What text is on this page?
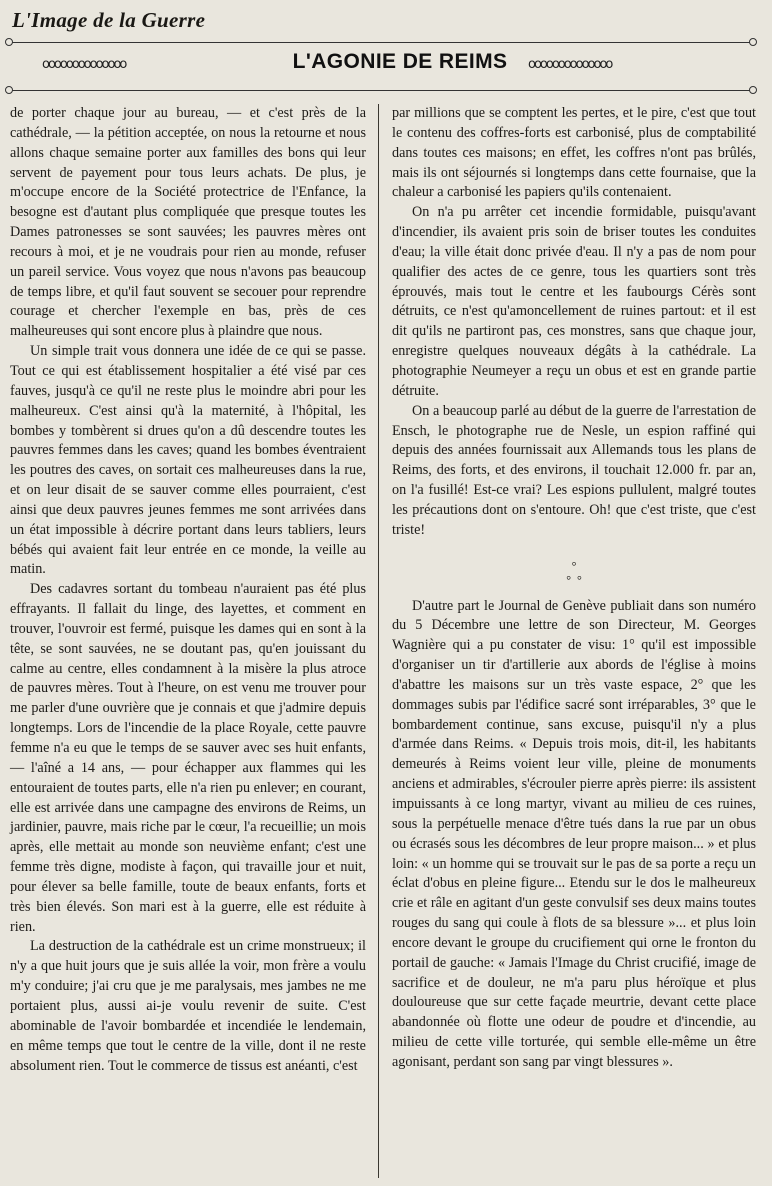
L'Image de la Guerre
oooooooooooooo	L'AGONIE DE REIMS	oooooooooooooo

de porter chaque jour au bureau, — et c'est près de la cathédrale, — la pétition acceptée, on nous la retourne et nous allons chaque semaine porter aux familles des bons qui leur servent de payement pour tous leurs achats. De plus, je m'occupe encore de la Société protectrice de l'Enfance, la besogne est d'autant plus compliquée que presque toutes les Dames patronesses se sont sauvées; les pauvres mères ont recours à moi, et je ne voudrais pour rien au monde, refuser un pareil service. Vous voyez que nous n'avons pas beaucoup de temps libre, et qu'il faut souvent se secouer pour reprendre courage et chercher l'exemple en bas, près de ces malheureuses qui sont encore plus à plaindre que nous.

Un simple trait vous donnera une idée de ce qui se passe. Tout ce qui est établissement hospitalier a été visé par ces fauves, jusqu'à ce qu'il ne reste plus le moindre abri pour les malheureux. C'est ainsi qu'à la maternité, à l'hôpital, les bombes y tombèrent si drues qu'on a dû descendre toutes les pauvres femmes dans les caves; quand les bombes éventraient les poutres des caves, on sortait ces malheureuses dans la rue, et on leur disait de se sauver comme elles pourraient, c'est ainsi que deux pauvres jeunes femmes me sont arrivées dans un état impossible à décrire portant dans leurs tabliers, leurs bébés qui avaient fait leur entrée en ce monde, la veille au matin.

Des cadavres sortant du tombeau n'auraient pas été plus effrayants. Il fallait du linge, des layettes, et comment en trouver, l'ouvroir est fermé, puisque les dames qui en sont à la tête, se sont sauvées, ne se doutant pas, qu'en jouissant du calme au centre, elles condamnent à la misère la plus atroce de pauvres mères. Tout à l'heure, on est venu me trouver pour me parler d'une ouvrière que je connais et que j'admire depuis longtemps. Lors de l'incendie de la place Royale, cette pauvre femme n'a eu que le temps de se sauver avec ses huit enfants, — l'aîné a 14 ans, — pour échapper aux flammes qui les entouraient de toutes parts, elle n'a rien pu enlever; en courant, elle est arrivée dans une campagne des environs de Reims, un jardinier, pauvre, mais riche par le cœur, l'a recueillie; un mois après, elle mettait au monde son neuvième enfant; c'est une femme très digne, modiste à façon, qui travaille jour et nuit, pour élever sa belle famille, toute de beaux enfants, forts et très bien élevés. Son mari est à la guerre, elle est réduite à rien.

La destruction de la cathédrale est un crime monstrueux; il n'y a que huit jours que je suis allée la voir, mon frère a voulu m'y conduire; j'ai cru que je me paralysais, mes jambes ne me portaient plus, aussi ai-je voulu revenir de suite. C'est abominable de l'avoir bombardée et incendiée le lendemain, en même temps que tout le centre de la ville, dont il ne reste absolument rien. Tout le commerce de tissus est anéanti, c'est

par millions que se comptent les pertes, et le pire, c'est que tout le contenu des coffres-forts est carbonisé, plus de comptabilité dans toutes ces maisons; en effet, les coffres n'ont pas brûlés, mais ils ont séjournés si longtemps dans cette fournaise, que la chaleur a carbonisé les papiers qu'ils contenaient.

On n'a pu arrêter cet incendie formidable, puisqu'avant d'incendier, ils avaient pris soin de briser toutes les conduites d'eau; la ville était donc privée d'eau. Il n'y a pas de nom pour qualifier des actes de ce genre, tous les quartiers sont très éprouvés, mais tout le centre et les faubourgs Cérès sont détruits, ce n'est qu'amoncellement de ruines partout: et il est dit qu'ils ne partiront pas, ces monstres, sans que chaque jour, enregistre quelques nouveaux dégâts à la cathédrale. La photographie Neumeyer a reçu un obus et est en grande partie détruite.

On a beaucoup parlé au début de la guerre de l'arrestation de Ensch, le photographe rue de Nesle, un espion raffiné qui depuis des années fournissait aux Allemands tous les plans de Reims, des forts, et des environs, il touchait 12.000 fr. par an, on l'a fusillé! Est-ce vrai? Les espions pullulent, malgré toutes les précautions dont on s'entoure. Oh! que c'est triste, que c'est triste!

°
°  °

D'autre part le Journal de Genève publiait dans son numéro du 5 Décembre une lettre de son Directeur, M. Georges Wagnière qui a pu constater de visu: 1° qu'il est impossible d'organiser un tir d'artillerie aux abords de l'église à moins d'abattre les maisons sur un très vaste espace, 2° que les dommages subis par l'édifice sacré sont irréparables, 3° que le bombardement continue, sans excuse, puisqu'il n'y a plus d'armée dans Reims. « Depuis trois mois, dit-il, les habitants demeurés à Reims voient leur ville, pleine de monuments anciens et admirables, s'écrouler pierre après pierre: ils assistent impuissants à ce long martyr, vivant au milieu de ces ruines, sous la perpétuelle menace d'être tués dans la rue par un obus ou écrasés sous les décombres de leur propre maison... » et plus loin: « un homme qui se trouvait sur le pas de sa porte a reçu un éclat d'obus en pleine figure... Etendu sur le dos le malheureux crie et râle en agitant d'un geste convulsif ses deux mains toutes rouges du sang qui coule à flots de sa blessure »... et plus loin encore devant le groupe du crucifiement qui orne le fronton du portail de gauche: « Jamais l'Image du Christ crucifié, image de sacrifice et de douleur, ne m'a paru plus héroïque et plus douloureuse que sur cette façade meurtrie, devant cette place abandonnée où flotte une odeur de poudre et d'incendie, au milieu de cette ville torturée, qui semble elle-même un être agonisant, perdant son sang par vingt blessures ».
